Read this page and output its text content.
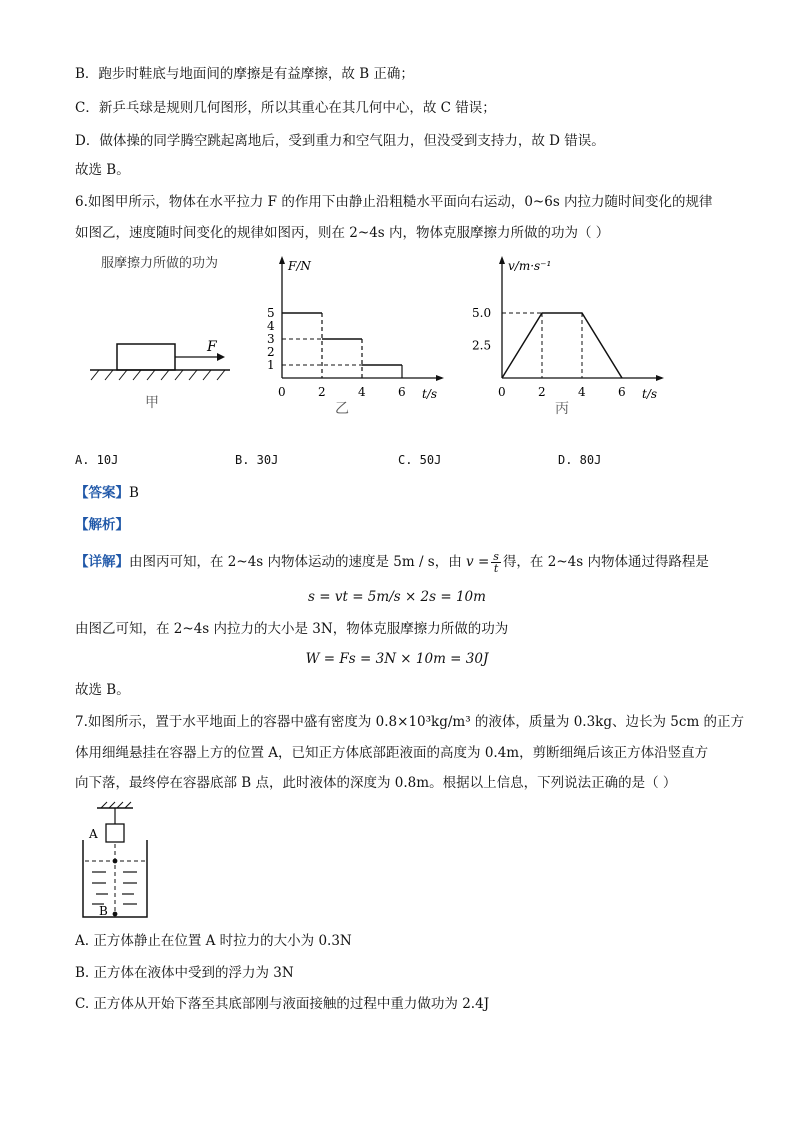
B．跑步时鞋底与地面间的摩擦是有益摩擦，故 B 正确；
C．新乒乓球是规则几何图形，所以其重心在其几何中心，故 C 错误；
D．做体操的同学腾空跳起离地后，受到重力和空气阻力，但没受到支持力，故 D 错误。
故选 B。
6.如图甲所示，物体在水平拉力 F 的作用下由静止沿粗糙水平面向右运动，0~6s 内拉力随时间变化的规律
如图乙，速度随时间变化的规律如图丙，则在 2~4s 内，物体克服摩擦力所做的功为（ ）
服摩擦力所做的功为
F
甲
F/N
t/s
0	2	4	6
乙
1
2
3
4
5
v/m·s⁻¹
t/s
0	2	4	6
丙
2.5
5.0
A. 10J	B. 30J	C. 50J	D. 80J
【答案】B
【解析】
【详解】由图丙可知，在 2~4s 内物体运动的速度是 5m / s，由 $v = \frac{s}{t}$ 得，在 2~4s 内物体通过得路程是
s = vt = 5m/s × 2s = 10m
由图乙可知，在 2~4s 内拉力的大小是 3N，物体克服摩擦力所做的功为
W = Fs = 3N × 10m = 30J
故选 B。
7.如图所示，置于水平地面上的容器中盛有密度为 0.8×10³kg/m³ 的液体，质量为 0.3kg、边长为 5cm 的正方
体用细绳悬挂在容器上方的位置 A，已知正方体底部距液面的高度为 0.4m，剪断细绳后该正方体沿竖直方
向下落，最终停在容器底部 B 点，此时液体的深度为 0.8m。根据以上信息，下列说法正确的是（ ）
A
B
A. 正方体静止在位置 A 时拉力的大小为 0.3N
B. 正方体在液体中受到的浮力为 3N
C. 正方体从开始下落至其底部刚与液面接触的过程中重力做功为 2.4J
